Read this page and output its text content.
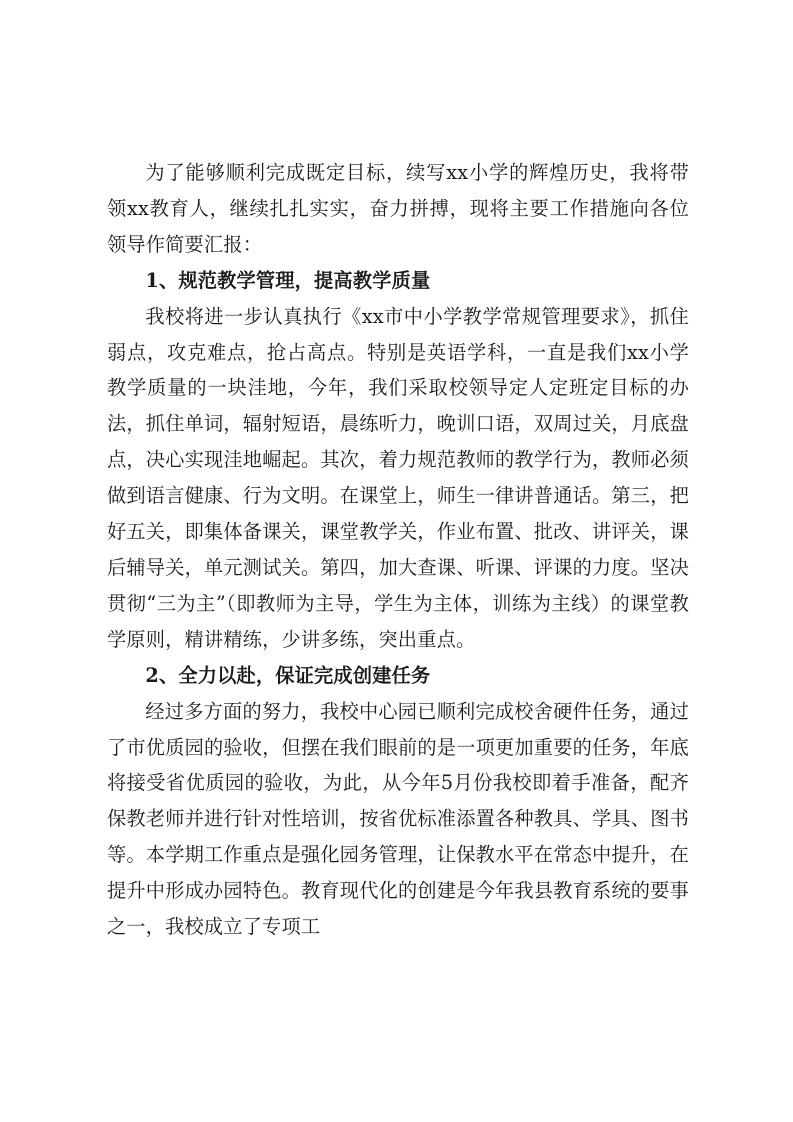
为了能够顺利完成既定目标，续写xx小学的辉煌历史，我将带领xx教育人，继续扎扎实实，奋力拼搏，现将主要工作措施向各位领导作简要汇报：

1、规范教学管理，提高教学质量

我校将进一步认真执行《xx市中小学教学常规管理要求》，抓住弱点，攻克难点，抢占高点。特别是英语学科，一直是我们xx小学教学质量的一块洼地，今年，我们采取校领导定人定班定目标的办法，抓住单词，辐射短语，晨练听力，晚训口语，双周过关，月底盘点，决心实现洼地崛起。其次，着力规范教师的教学行为，教师必须做到语言健康、行为文明。在课堂上，师生一律讲普通话。第三，把好五关，即集体备课关，课堂教学关，作业布置、批改、讲评关，课后辅导关，单元测试关。第四，加大查课、听课、评课的力度。坚决贯彻“三为主”（即教师为主导，学生为主体，训练为主线）的课堂教学原则，精讲精练，少讲多练，突出重点。

2、全力以赴，保证完成创建任务

经过多方面的努力，我校中心园已顺利完成校舍硬件任务，通过了市优质园的验收，但摆在我们眼前的是一项更加重要的任务，年底将接受省优质园的验收，为此，从今年5月份我校即着手准备，配齐保教老师并进行针对性培训，按省优标准添置各种教具、学具、图书等。本学期工作重点是强化园务管理，让保教水平在常态中提升，在提升中形成办园特色。教育现代化的创建是今年我县教育系统的要事之一，我校成立了专项工
